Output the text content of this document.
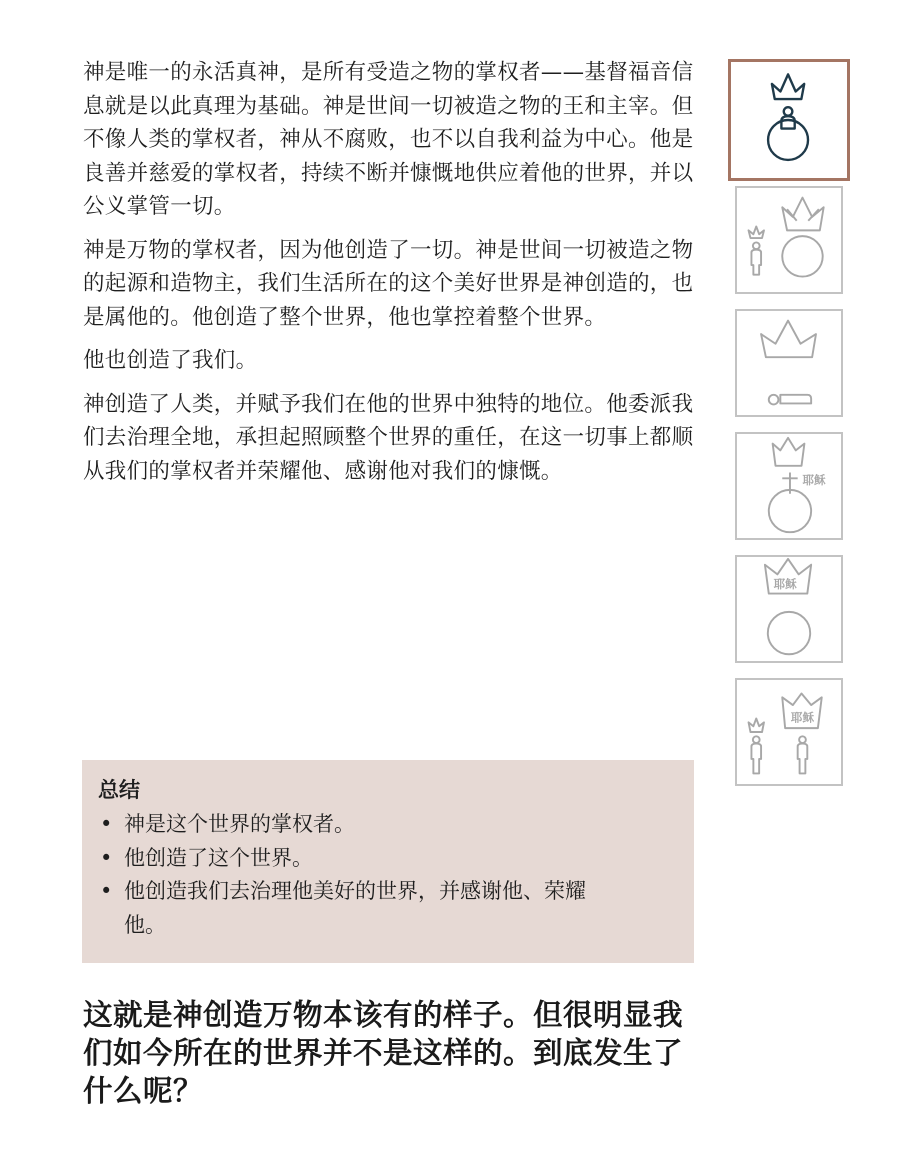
神是唯一的永活真神，是所有受造之物的掌权者——基督福音信息就是以此真理为基础。神是世间一切被造之物的王和主宰。但不像人类的掌权者，神从不腐败，也不以自我利益为中心。他是良善并慈爱的掌权者，持续不断并慷慨地供应着他的世界，并以公义掌管一切。

神是万物的掌权者，因为他创造了一切。神是世间一切被造之物的起源和造物主，我们生活所在的这个美好世界是神创造的，也是属他的。他创造了整个世界，他也掌控着整个世界。

他也创造了我们。

神创造了人类，并赋予我们在他的世界中独特的地位。他委派我们去治理全地，承担起照顾整个世界的重任，在这一切事上都顺从我们的掌权者并荣耀他、感谢他对我们的慷慨。

总结
• 神是这个世界的掌权者。
• 他创造了这个世界。
• 他创造我们去治理他美好的世界，并感谢他、荣耀他。

这就是神创造万物本该有的样子。但很明显我们如今所在的世界并不是这样的。到底发生了什么呢？

耶稣
耶稣
耶稣
